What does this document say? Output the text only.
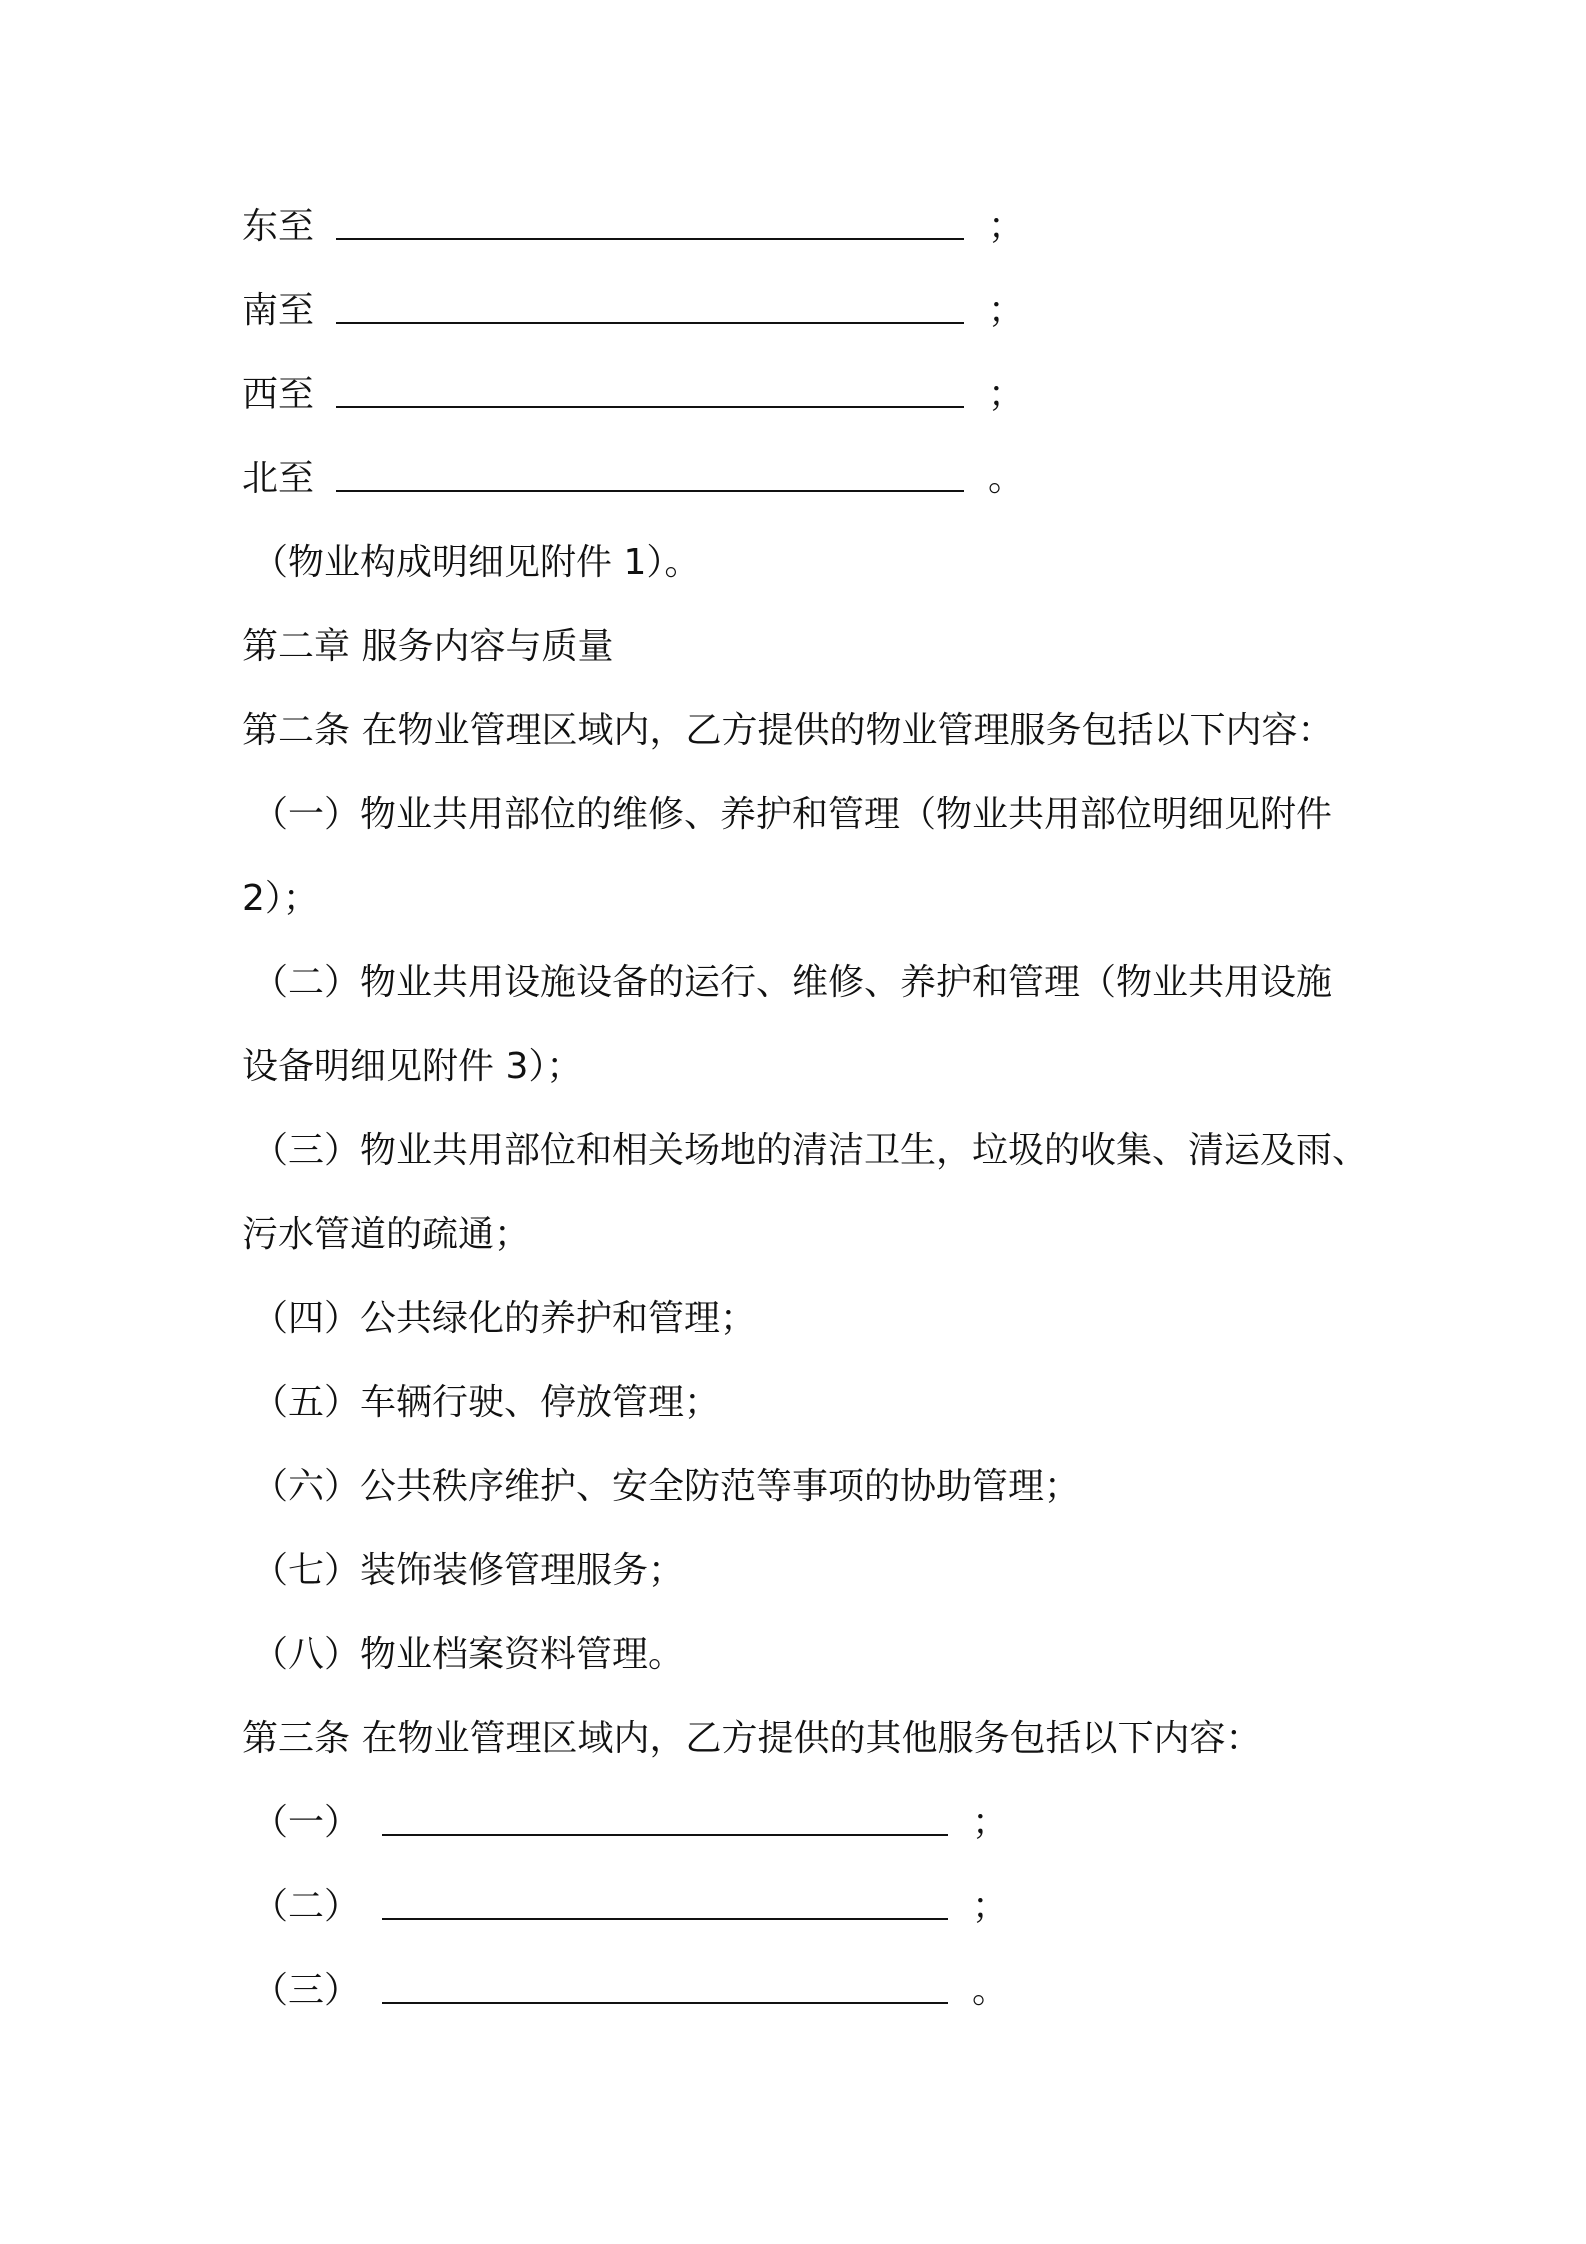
东至	；
南至	；
西至	；
北至	。
（物业构成明细见附件 1）。
第二章 服务内容与质量
第二条 在物业管理区域内，乙方提供的物业管理服务包括以下内容：
（一）物业共用部位的维修、养护和管理（物业共用部位明细见附件
2）；
（二）物业共用设施设备的运行、维修、养护和管理（物业共用设施
设备明细见附件 3）；
（三）物业共用部位和相关场地的清洁卫生，垃圾的收集、清运及雨、
污水管道的疏通；
（四）公共绿化的养护和管理；
（五）车辆行驶、停放管理；
（六）公共秩序维护、安全防范等事项的协助管理；
（七）装饰装修管理服务；
（八）物业档案资料管理。
第三条 在物业管理区域内，乙方提供的其他服务包括以下内容：
（一）	；
（二）	；
（三）	。
